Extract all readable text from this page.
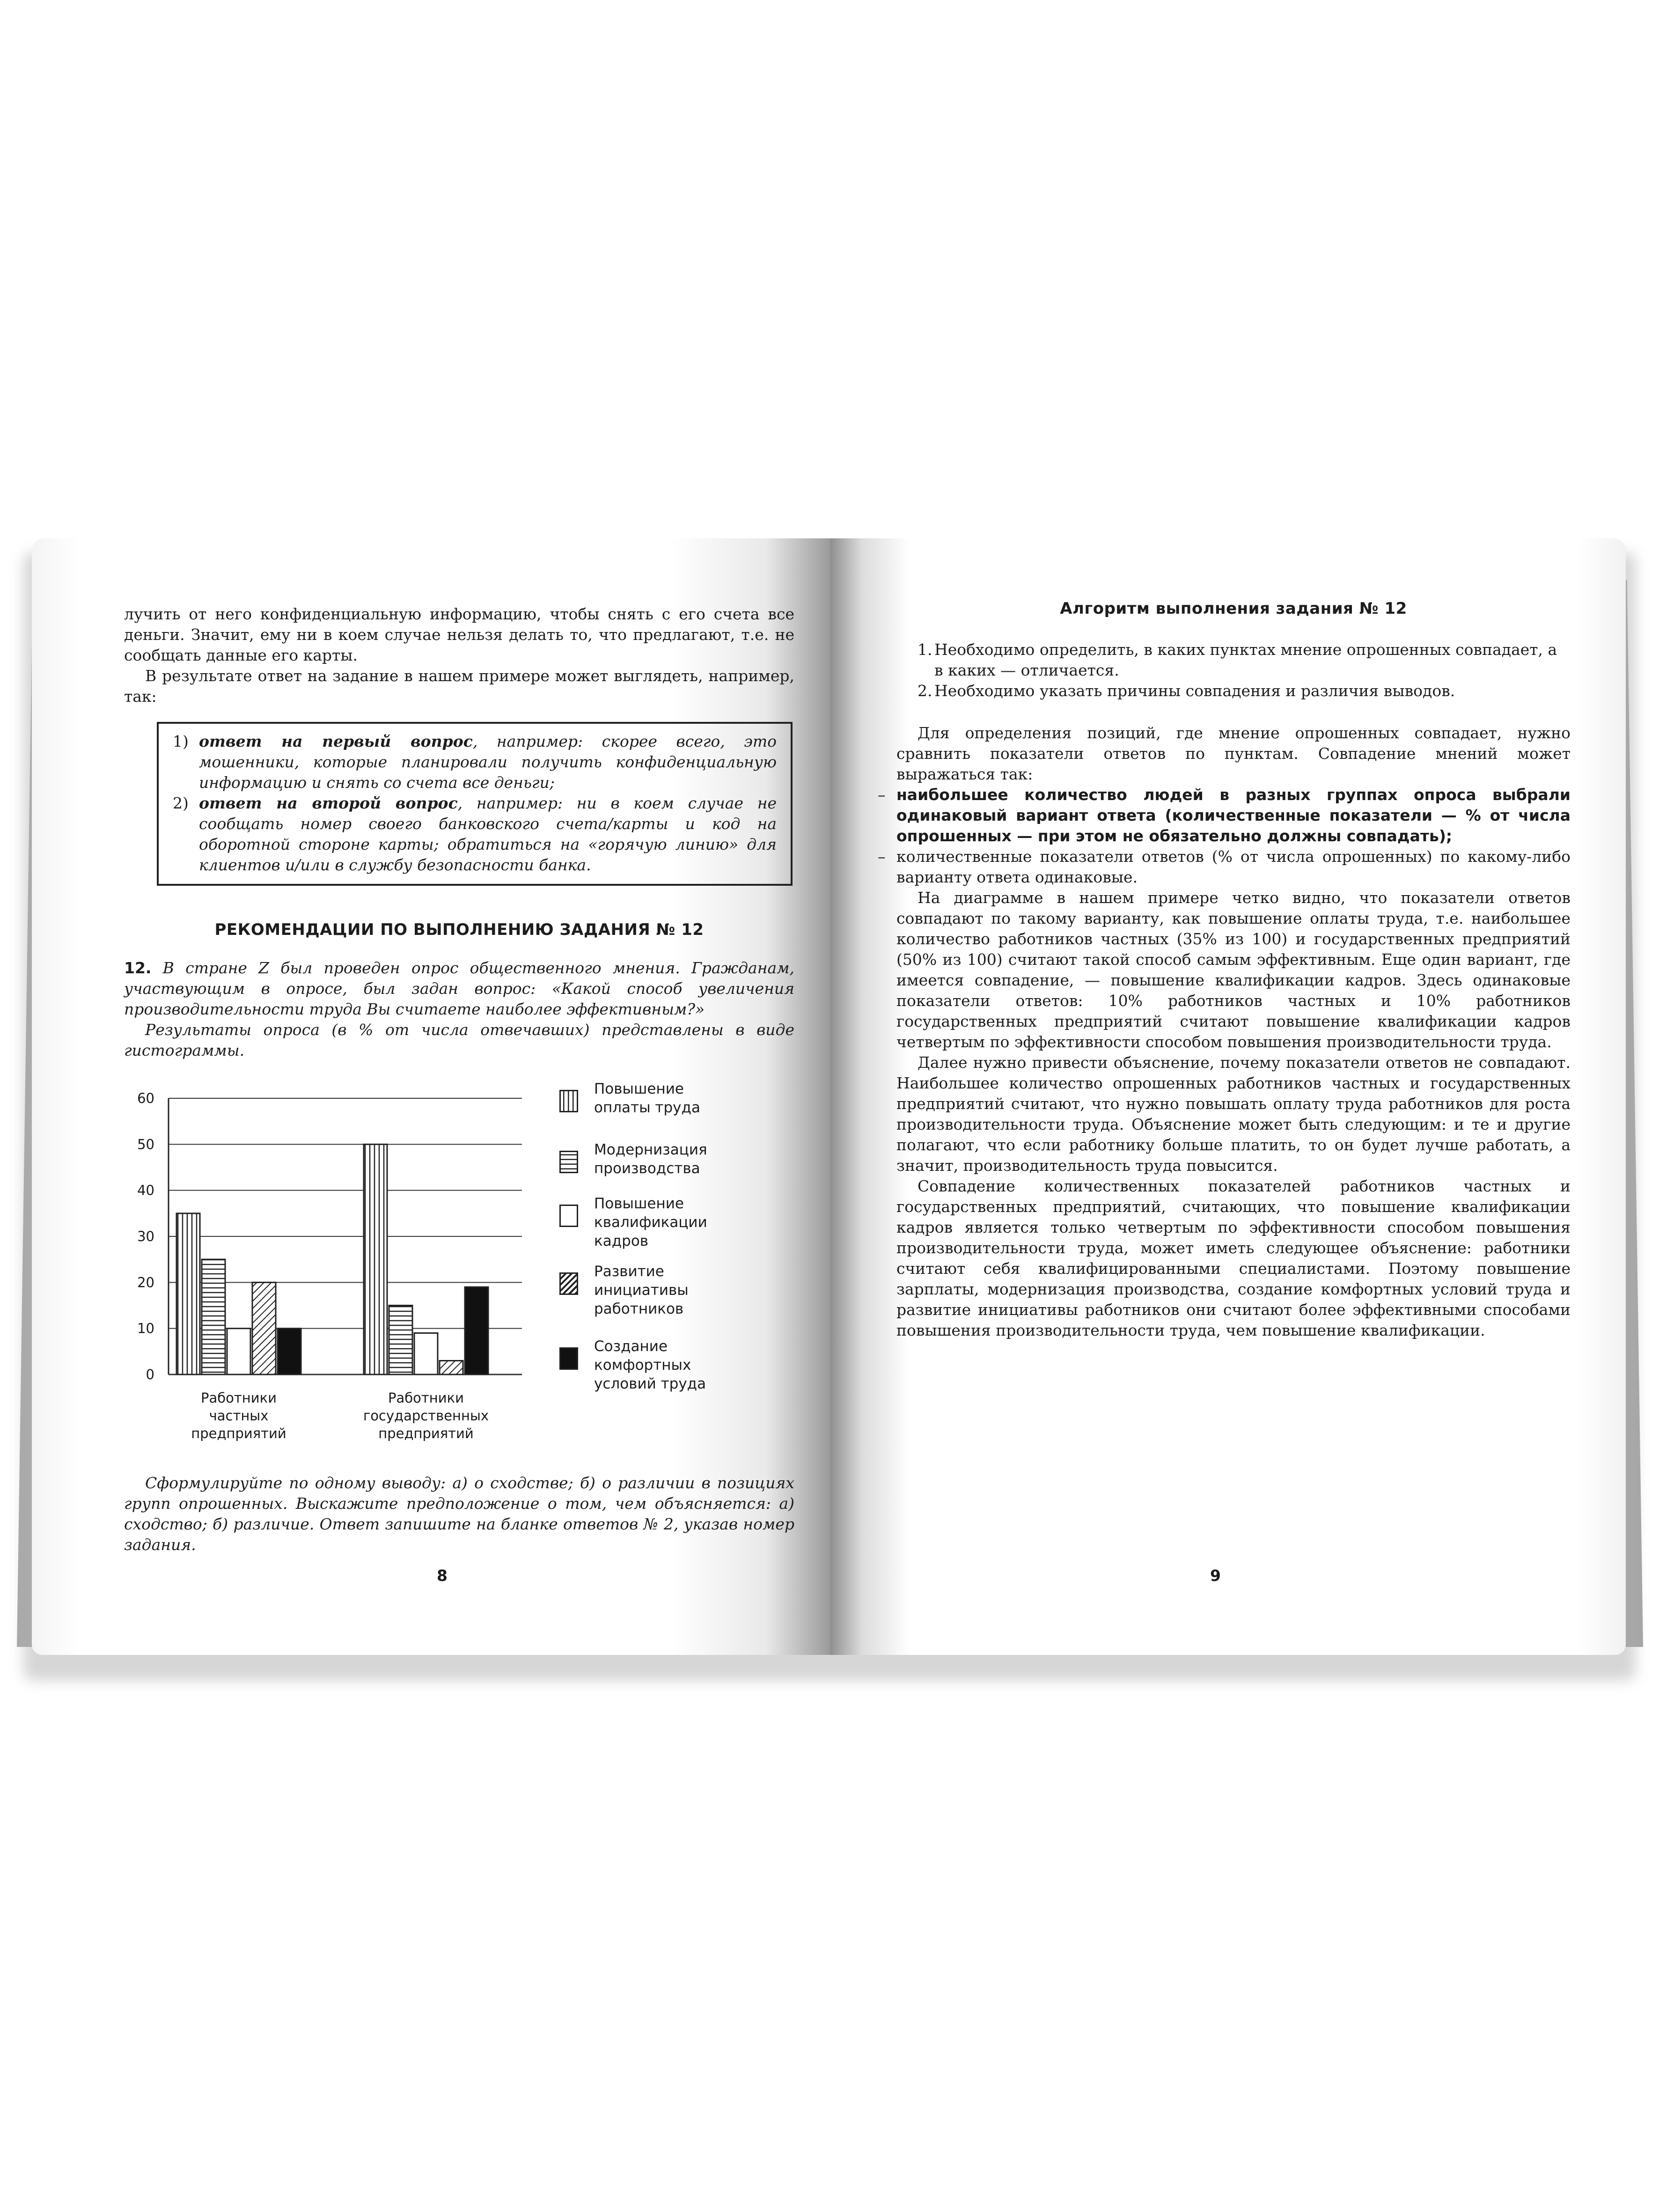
лучить от него конфиденциальную информацию, чтобы снять с его счета все деньги. Значит, ему ни в коем случае нельзя делать то, что предлагают, т.е. не сообщать данные его карты.

В результате ответ на задание в нашем примере может выглядеть, например, так:

1) ответ на первый вопрос, например: скорее всего, это мошенники, которые планировали получить конфиденциальную информацию и снять со счета все деньги;
2) ответ на второй вопрос, например: ни в коем случае не сообщать номер своего банковского счета/карты и код на оборотной стороне карты; обратиться на «горячую линию» для клиентов и/или в службу безопасности банка.
РЕКОМЕНДАЦИИ ПО ВЫПОЛНЕНИЮ ЗАДАНИЯ № 12

12. В стране Z был проведен опрос общественного мнения. Гражданам, участвующим в опросе, был задан вопрос: «Какой способ увеличения производительности труда Вы считаете наиболее эффективным?»

Результаты опроса (в % от числа отвечавших) представлены в виде гистограммы.

0
10
20
30
40
50
60
Работники
частных
предприятий
Работники
государственных
предприятий
Повышение
оплаты труда
Модернизация
производства
Повышение
квалификации
кадров
Развитие
инициативы
работников
Создание
комфортных
условий труда

Сформулируйте по одному выводу: а) о сходстве; б) о различии в позициях групп опрошенных. Выскажите предположение о том, чем объясняется: а) сходство; б) различие. Ответ запишите на бланке ответов № 2, указав номер задания.

8
Алгоритм выполнения задания № 12
1. Необходимо определить, в каких пунктах мнение опрошенных совпадает, а в каких — отличается.
2. Необходимо указать причины совпадения и различия выводов.

Для определения позиций, где мнение опрошенных совпадает, нужно сравнить показатели ответов по пунктам. Совпадение мнений может выражаться так:

– наибольшее количество людей в разных группах опроса выбрали одинаковый вариант ответа (количественные показатели — % от числа опрошенных — при этом не обязательно должны совпадать);
– количественные показатели ответов (% от числа опрошенных) по какому-либо варианту ответа одинаковые.

На диаграмме в нашем примере четко видно, что показатели ответов совпадают по такому варианту, как повышение оплаты труда, т.е. наибольшее количество работников частных (35% из 100) и государственных предприятий (50% из 100) считают такой способ самым эффективным. Еще один вариант, где имеется совпадение, — повышение квалификации кадров. Здесь одинаковые показатели ответов: 10% работников частных и 10% работников государственных предприятий считают повышение квалификации кадров четвертым по эффективности способом повышения производительности труда.

Далее нужно привести объяснение, почему показатели ответов не совпадают. Наибольшее количество опрошенных работников частных и государственных предприятий считают, что нужно повышать оплату труда работников для роста производительности труда. Объяснение может быть следующим: и те и другие полагают, что если работнику больше платить, то он будет лучше работать, а значит, производительность труда повысится.

Совпадение количественных показателей работников частных и государственных предприятий, считающих, что повышение квалификации кадров является только четвертым по эффективности способом повышения производительности труда, может иметь следующее объяснение: работники считают себя квалифицированными специалистами. Поэтому повышение зарплаты, модернизация производства, создание комфортных условий труда и развитие инициативы работников они считают более эффективными способами повышения производительности труда, чем повышение квалификации.

9
